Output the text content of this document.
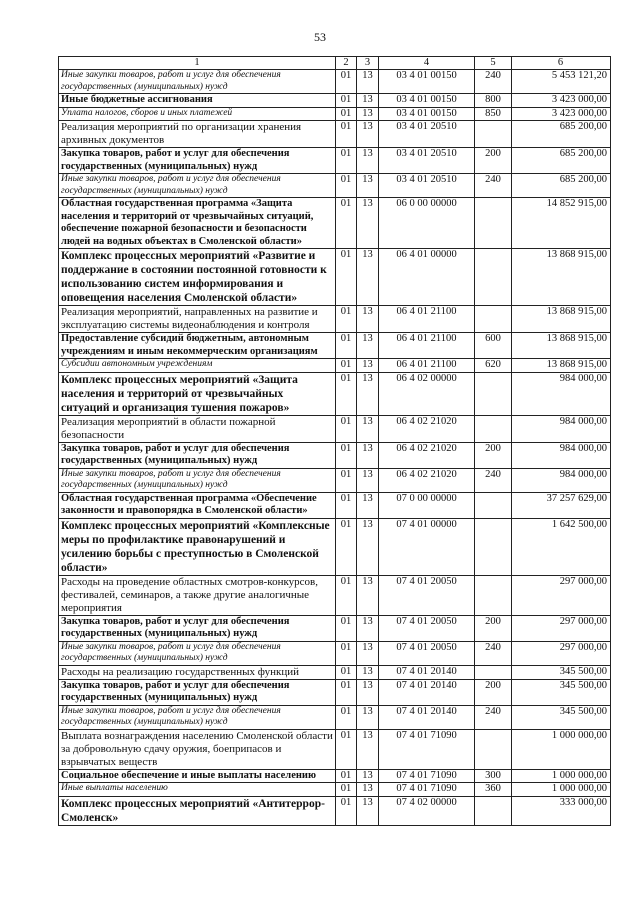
53
1	2	3	4	5	6
Иные закупки товаров, работ и услуг для обеспечения государственных (муниципальных) нужд	01	13	03 4 01 00150	240	5 453 121,20
Иные бюджетные ассигнования	01	13	03 4 01 00150	800	3 423 000,00
Уплата налогов, сборов и иных платежей	01	13	03 4 01 00150	850	3 423 000,00
Реализация мероприятий по организации хранения архивных документов	01	13	03 4 01 20510		685 200,00
Закупка товаров, работ и услуг для обеспечения государственных (муниципальных) нужд	01	13	03 4 01 20510	200	685 200,00
Иные закупки товаров, работ и услуг для обеспечения государственных (муниципальных) нужд	01	13	03 4 01 20510	240	685 200,00
Областная государственная программа «Защита населения и территорий от чрезвычайных ситуаций, обеспечение пожарной безопасности и безопасности людей на водных объектах в Смоленской области»	01	13	06 0 00 00000		14 852 915,00
Комплекс процессных мероприятий «Развитие и поддержание в состоянии постоянной готовности к использованию систем информирования и оповещения населения Смоленской области»	01	13	06 4 01 00000		13 868 915,00
Реализация мероприятий, направленных на развитие и эксплуатацию системы видеонаблюдения и контроля	01	13	06 4 01 21100		13 868 915,00
Предоставление субсидий бюджетным, автономным учреждениям и иным некоммерческим организациям	01	13	06 4 01 21100	600	13 868 915,00
Субсидии автономным учреждениям	01	13	06 4 01 21100	620	13 868 915,00
Комплекс процессных мероприятий «Защита населения и территорий от чрезвычайных ситуаций и организация тушения пожаров»	01	13	06 4 02 00000		984 000,00
Реализация мероприятий в области пожарной безопасности	01	13	06 4 02 21020		984 000,00
Закупка товаров, работ и услуг для обеспечения государственных (муниципальных) нужд	01	13	06 4 02 21020	200	984 000,00
Иные закупки товаров, работ и услуг для обеспечения государственных (муниципальных) нужд	01	13	06 4 02 21020	240	984 000,00
Областная государственная программа «Обеспечение законности и правопорядка в Смоленской области»	01	13	07 0 00 00000		37 257 629,00
Комплекс процессных мероприятий «Комплексные меры по профилактике правонарушений и усилению борьбы с преступностью в Смоленской области»	01	13	07 4 01 00000		1 642 500,00
Расходы на проведение областных смотров-конкурсов, фестивалей, семинаров, а также другие аналогичные мероприятия	01	13	07 4 01 20050		297 000,00
Закупка товаров, работ и услуг для обеспечения государственных (муниципальных) нужд	01	13	07 4 01 20050	200	297 000,00
Иные закупки товаров, работ и услуг для обеспечения государственных (муниципальных) нужд	01	13	07 4 01 20050	240	297 000,00
Расходы на реализацию государственных функций	01	13	07 4 01 20140		345 500,00
Закупка товаров, работ и услуг для обеспечения государственных (муниципальных) нужд	01	13	07 4 01 20140	200	345 500,00
Иные закупки товаров, работ и услуг для обеспечения государственных (муниципальных) нужд	01	13	07 4 01 20140	240	345 500,00
Выплата вознаграждения населению Смоленской области за добровольную сдачу оружия, боеприпасов и взрывчатых веществ	01	13	07 4 01 71090		1 000 000,00
Социальное обеспечение и иные выплаты населению	01	13	07 4 01 71090	300	1 000 000,00
Иные выплаты населению	01	13	07 4 01 71090	360	1 000 000,00
Комплекс процессных мероприятий «Антитеррор-Смоленск»	01	13	07 4 02 00000		333 000,00
